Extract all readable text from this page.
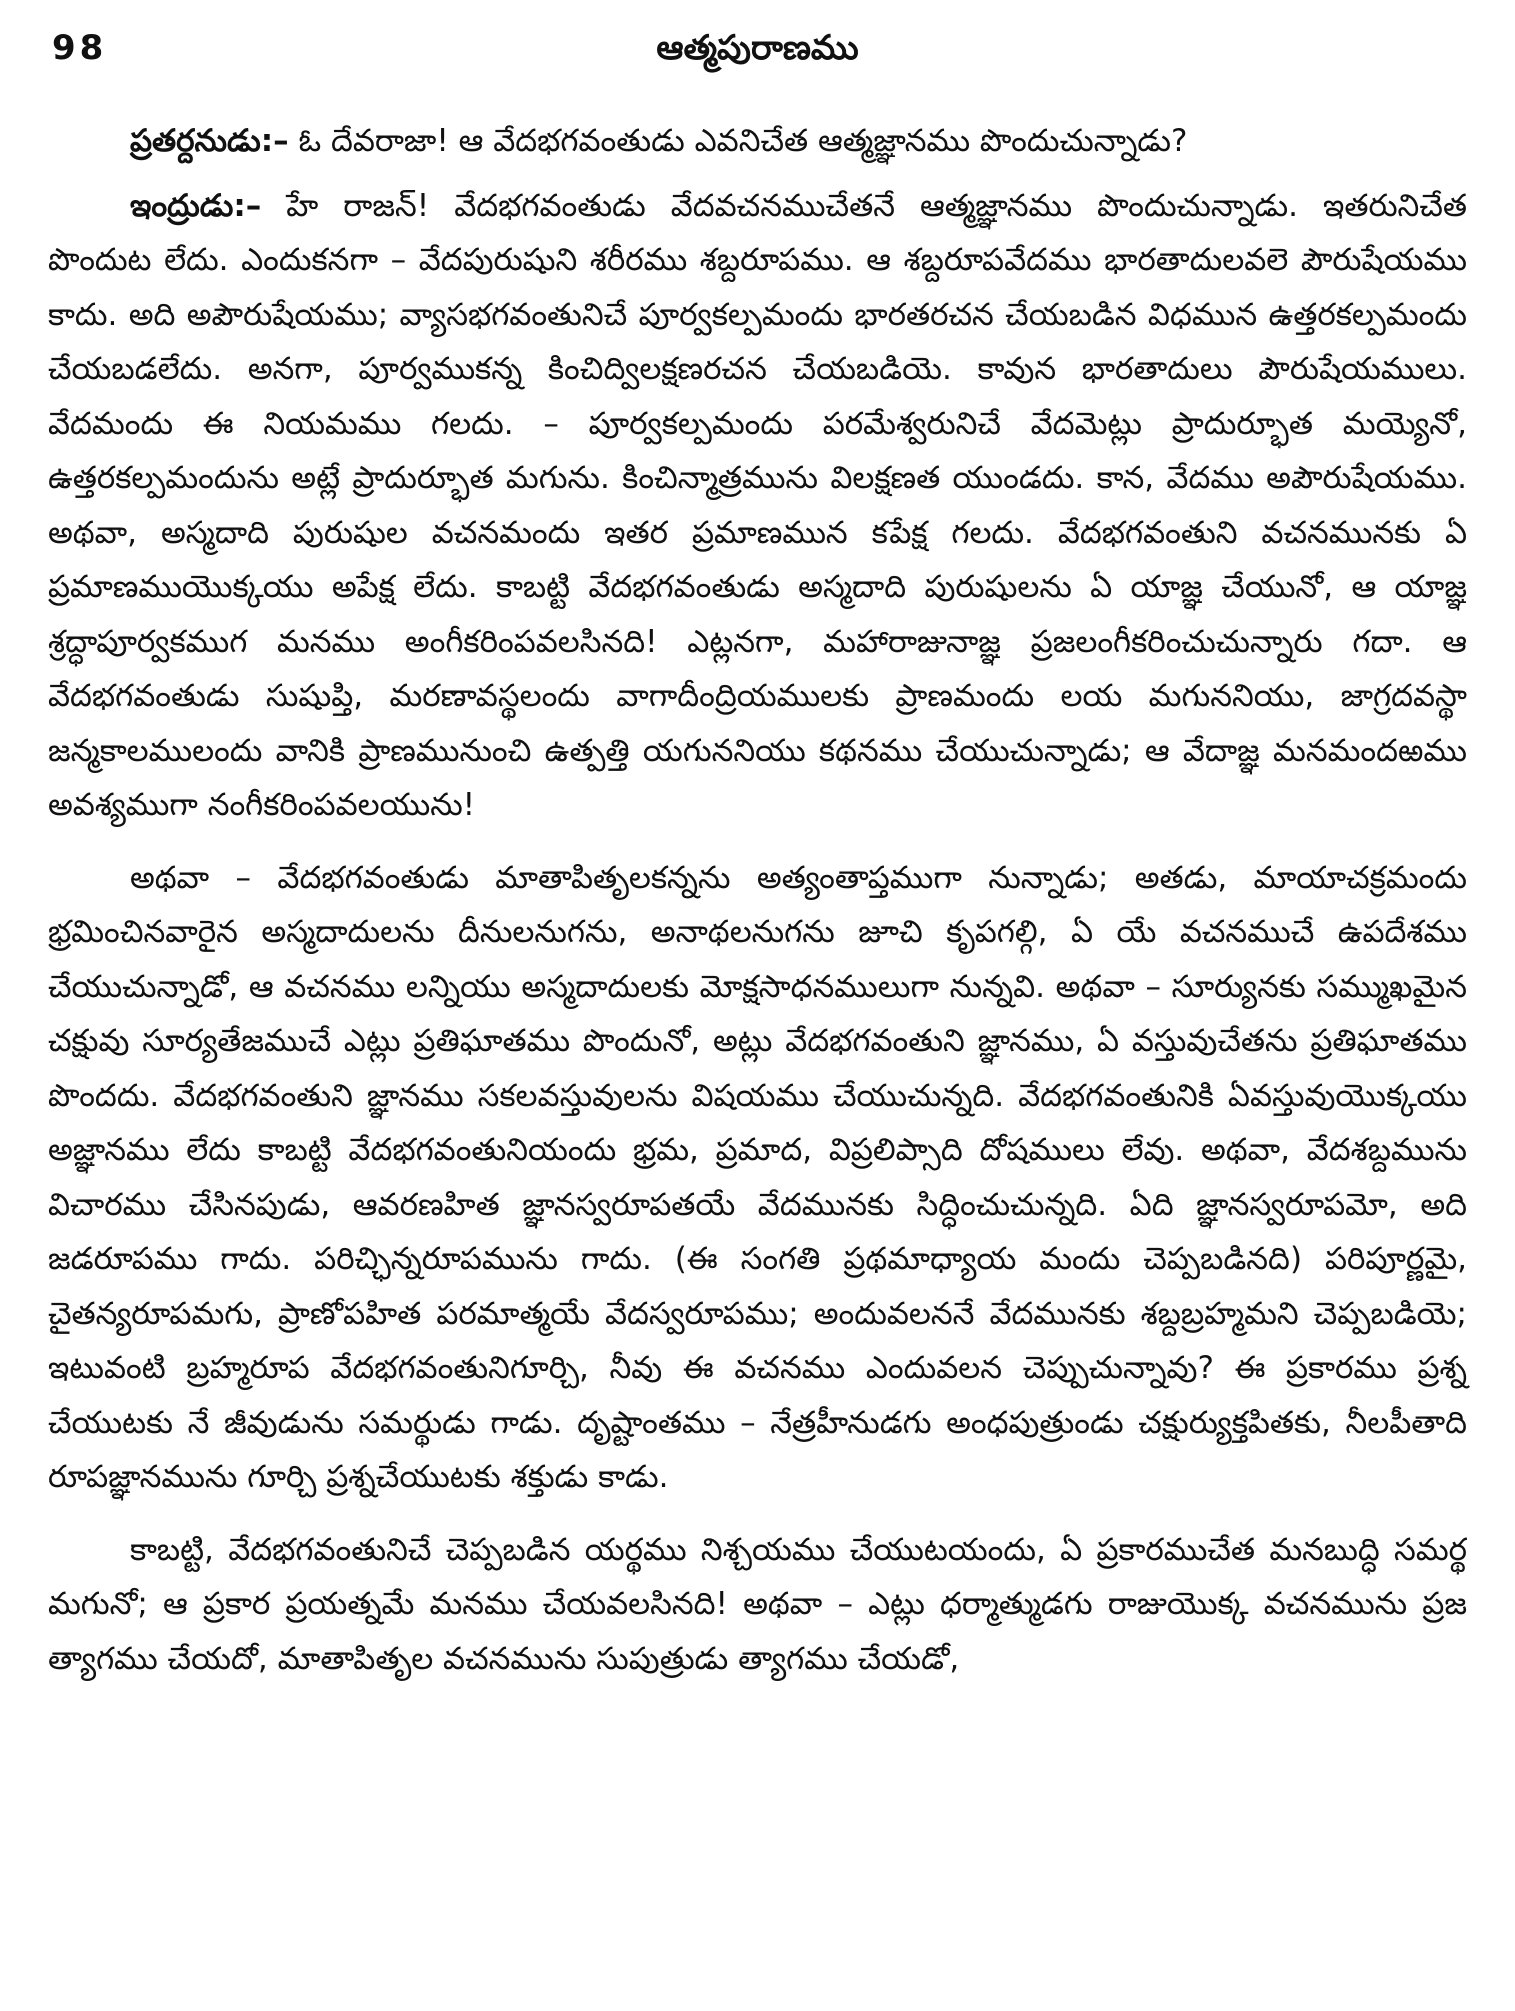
98	ఆత్మపురాణము

ప్రతర్దనుడు:– ఓ దేవరాజా! ఆ వేదభగవంతుడు ఎవనిచేత ఆత్మజ్ఞానము పొందుచున్నాడు?

ఇంద్రుడు:– హే రాజన్! వేదభగవంతుడు వేదవచనముచేతనే ఆత్మజ్ఞానము పొందుచున్నాడు. ఇతరునిచేత పొందుట లేదు. ఎందుకనగా – వేదపురుషుని శరీరము శబ్దరూపము. ఆ శబ్దరూపవేదము భారతాదులవలె పౌరుషేయము కాదు. అది అపౌరుషేయము; వ్యాసభగవంతునిచే పూర్వకల్పమందు భారతరచన చేయబడిన విధమున ఉత్తరకల్పమందు చేయబడలేదు. అనగా, పూర్వముకన్న కించిద్విలక్షణరచన చేయబడియె. కావున భారతాదులు పౌరుషేయములు. వేదమందు ఈ నియమము గలదు. – పూర్వకల్పమందు పరమేశ్వరునిచే వేదమెట్లు ప్రాదుర్భూత మయ్యెనో, ఉత్తరకల్పమందును అట్లే ప్రాదుర్భూత మగును. కించిన్మాత్రమును విలక్షణత యుండదు. కాన, వేదము అపౌరుషేయము. అథవా, అస్మదాది పురుషుల వచనమందు ఇతర ప్రమాణమున కపేక్ష గలదు. వేదభగవంతుని వచనమునకు ఏ ప్రమాణముయొక్కయు అపేక్ష లేదు. కాబట్టి వేదభగవంతుడు అస్మదాది పురుషులను ఏ యాజ్ఞ చేయునో, ఆ యాజ్ఞ శ్రద్ధాపూర్వకముగ మనము అంగీకరింపవలసినది! ఎట్లనగా, మహారాజునాజ్ఞ ప్రజలంగీకరించుచున్నారు గదా. ఆ వేదభగవంతుడు సుషుప్తి, మరణావస్థలందు వాగాదీంద్రియములకు ప్రాణమందు లయ మగుననియు, జాగ్రదవస్థా జన్మకాలములందు వానికి ప్రాణమునుంచి ఉత్పత్తి యగుననియు కథనము చేయుచున్నాడు; ఆ వేదాజ్ఞ మనమందఱము అవశ్యముగా నంగీకరింపవలయును!

అథవా – వేదభగవంతుడు మాతాపితృలకన్నను అత్యంతాప్తముగా నున్నాడు; అతడు, మాయాచక్రమందు భ్రమించినవారైన అస్మదాదులను దీనులనుగను, అనాథలనుగను జూచి కృపగల్గి, ఏ యే వచనముచే ఉపదేశము చేయుచున్నాడో, ఆ వచనము లన్నియు అస్మదాదులకు మోక్షసాధనములుగా నున్నవి. అథవా – సూర్యునకు సమ్ముఖమైన చక్షువు సూర్యతేజముచే ఎట్లు ప్రతిఘాతము పొందునో, అట్లు వేదభగవంతుని జ్ఞానము, ఏ వస్తువుచేతను ప్రతిఘాతము పొందదు. వేదభగవంతుని జ్ఞానము సకలవస్తువులను విషయము చేయుచున్నది. వేదభగవంతునికి ఏవస్తువుయొక్కయు అజ్ఞానము లేదు కాబట్టి వేదభగవంతునియందు భ్రమ, ప్రమాద, విప్రలిప్సాది దోషములు లేవు. అథవా, వేదశబ్దమును విచారము చేసినపుడు, ఆవరణహిత జ్ఞానస్వరూపతయే వేదమునకు సిద్ధించుచున్నది. ఏది జ్ఞానస్వరూపమో, అది జడరూపము గాదు. పరిచ్ఛిన్నరూపమును గాదు. (ఈ సంగతి ప్రథమాధ్యాయ మందు చెప్పబడినది) పరిపూర్ణమై, చైతన్యరూపమగు, ప్రాణోపహిత పరమాత్మయే వేదస్వరూపము; అందువలననే వేదమునకు శబ్దబ్రహ్మమని చెప్పబడియె; ఇటువంటి బ్రహ్మరూప వేదభగవంతునిగూర్చి, నీవు ఈ వచనము ఎందువలన చెప్పుచున్నావు? ఈ ప్రకారము ప్రశ్న చేయుటకు నే జీవుడును సమర్థుడు గాడు. దృష్టాంతము – నేత్రహీనుడగు అంధపుత్రుండు చక్షుర్యుక్తపితకు, నీలపీతాది రూపజ్ఞానమును గూర్చి ప్రశ్నచేయుటకు శక్తుడు కాడు.

కాబట్టి, వేదభగవంతునిచే చెప్పబడిన యర్థము నిశ్చయము చేయుటయందు, ఏ ప్రకారముచేత మనబుద్ధి సమర్థ మగునో; ఆ ప్రకార ప్రయత్నమే మనము చేయవలసినది! అథవా – ఎట్లు ధర్మాత్ముడగు రాజుయొక్క వచనమును ప్రజ త్యాగము చేయదో, మాతాపితృల వచనమును సుపుత్రుడు త్యాగము చేయడో,
